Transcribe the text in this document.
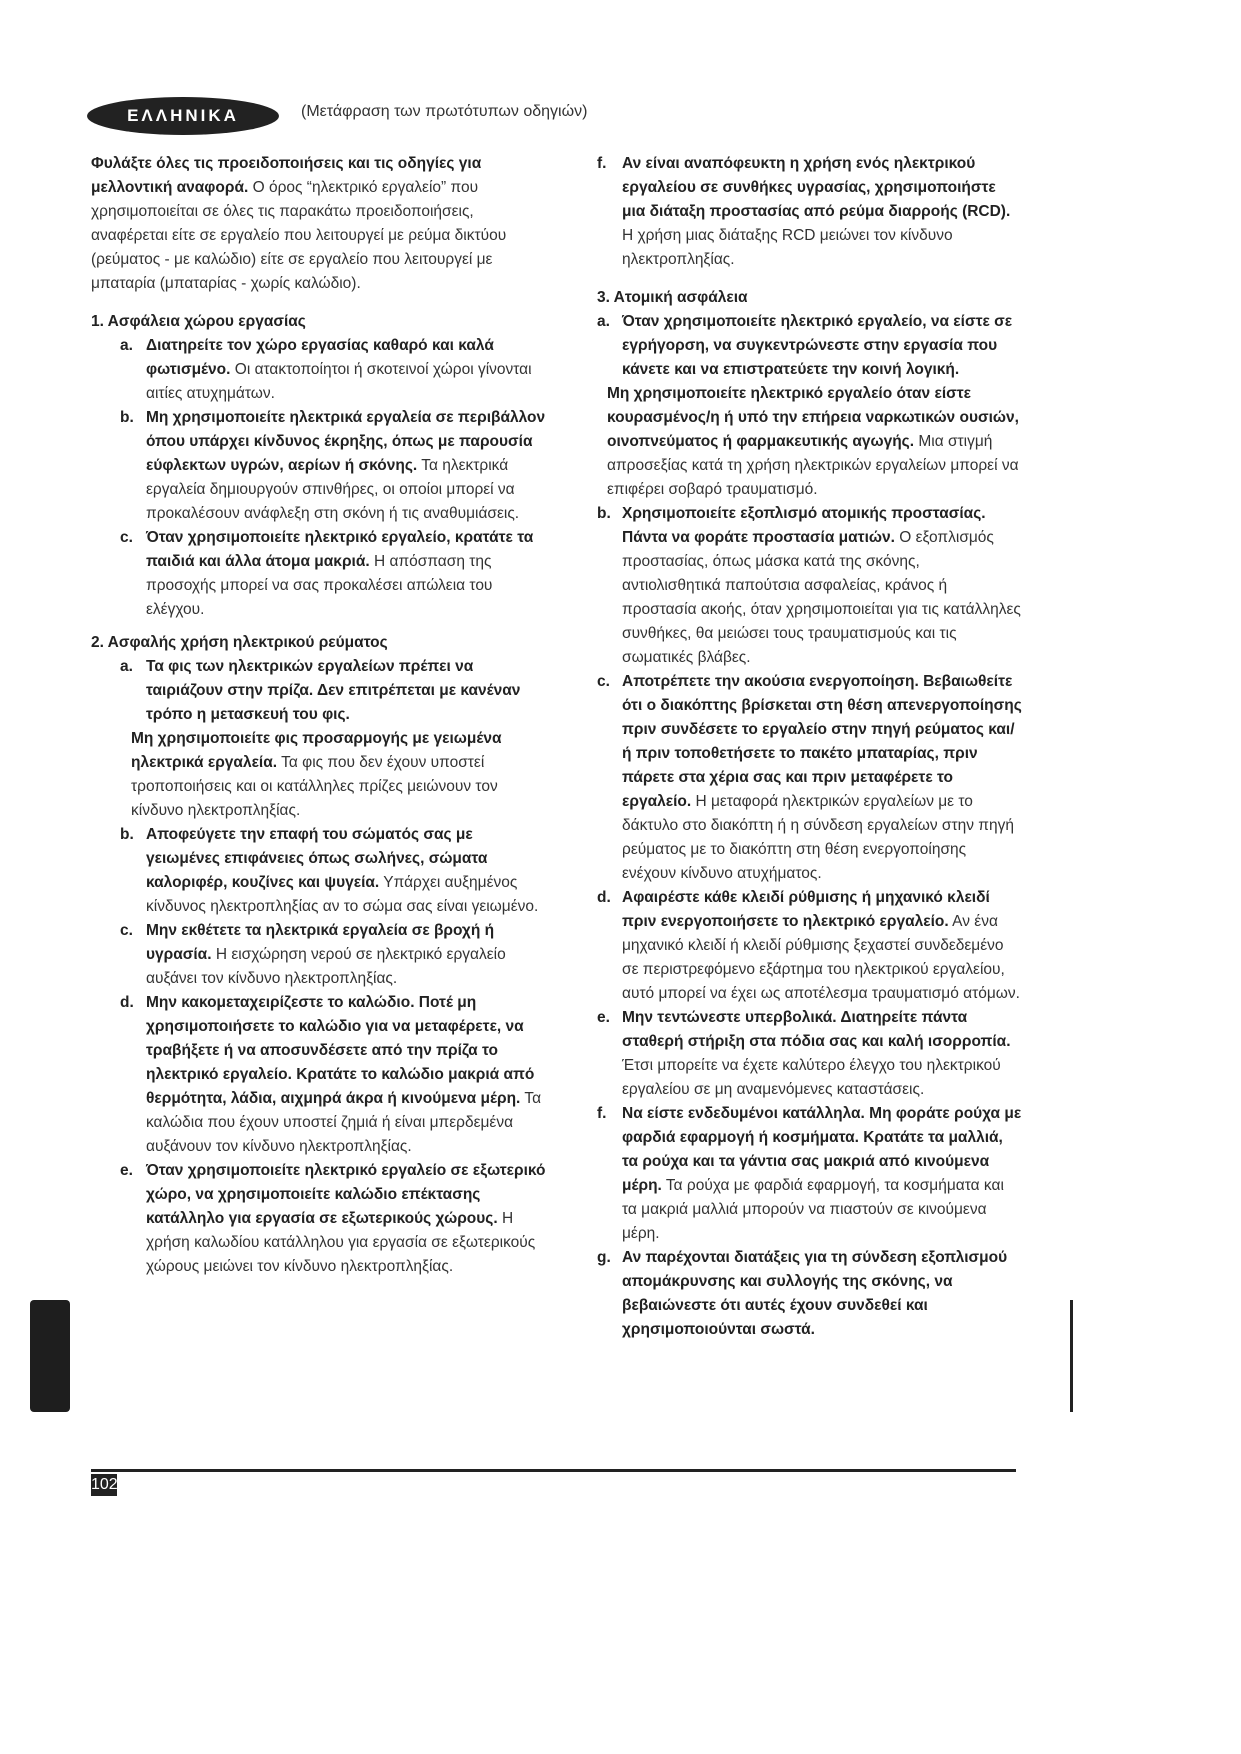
ΕΛΛΗΝΙΚΑ	(Μετάφραση των πρωτότυπων οδηγιών)

Φυλάξτε όλες τις προειδοποιήσεις και τις οδηγίες για μελλοντική αναφορά. Ο όρος “ηλεκτρικό εργαλείο” που χρησιμοποιείται σε όλες τις παρακάτω προειδοποιήσεις, αναφέρεται είτε σε εργαλείο που λειτουργεί με ρεύμα δικτύου (ρεύματος - με καλώδιο) είτε σε εργαλείο που λειτουργεί με μπαταρία (μπαταρίας - χωρίς καλώδιο).

1. Ασφάλεια χώρου εργασίας

a. Διατηρείτε τον χώρο εργασίας καθαρό και καλά φωτισμένο. Οι ατακτοποίητοι ή σκοτεινοί χώροι γίνονται αιτίες ατυχημάτων.
b. Μη χρησιμοποιείτε ηλεκτρικά εργαλεία σε περιβάλλον όπου υπάρχει κίνδυνος έκρηξης, όπως με παρουσία εύφλεκτων υγρών, αερίων ή σκόνης. Τα ηλεκτρικά εργαλεία δημιουργούν σπινθήρες, οι οποίοι μπορεί να προκαλέσουν ανάφλεξη στη σκόνη ή τις αναθυμιάσεις.
c. Όταν χρησιμοποιείτε ηλεκτρικό εργαλείο, κρατάτε τα παιδιά και άλλα άτομα μακριά. Η απόσπαση της προσοχής μπορεί να σας προκαλέσει απώλεια του ελέγχου.

2. Ασφαλής χρήση ηλεκτρικού ρεύματος

a. Τα φις των ηλεκτρικών εργαλείων πρέπει να ταιριάζουν στην πρίζα. Δεν επιτρέπεται με κανέναν τρόπο η μετασκευή του φις.
Μη χρησιμοποιείτε φις προσαρμογής με γειωμένα ηλεκτρικά εργαλεία. Τα φις που δεν έχουν υποστεί τροποποιήσεις και οι κατάλληλες πρίζες μειώνουν τον κίνδυνο ηλεκτροπληξίας.
b. Αποφεύγετε την επαφή του σώματός σας με γειωμένες επιφάνειες όπως σωλήνες, σώματα καλοριφέρ, κουζίνες και ψυγεία. Υπάρχει αυξημένος κίνδυνος ηλεκτροπληξίας αν το σώμα σας είναι γειωμένο.
c. Μην εκθέτετε τα ηλεκτρικά εργαλεία σε βροχή ή υγρασία. Η εισχώρηση νερού σε ηλεκτρικό εργαλείο αυξάνει τον κίνδυνο ηλεκτροπληξίας.
d. Μην κακομεταχειρίζεστε το καλώδιο. Ποτέ μη χρησιμοποιήσετε το καλώδιο για να μεταφέρετε, να τραβήξετε ή να αποσυνδέσετε από την πρίζα το ηλεκτρικό εργαλείο. Κρατάτε το καλώδιο μακριά από θερμότητα, λάδια, αιχμηρά άκρα ή κινούμενα μέρη. Τα καλώδια που έχουν υποστεί ζημιά ή είναι μπερδεμένα αυξάνουν τον κίνδυνο ηλεκτροπληξίας.
e. Όταν χρησιμοποιείτε ηλεκτρικό εργαλείο σε εξωτερικό χώρο, να χρησιμοποιείτε καλώδιο επέκτασης κατάλληλο για εργασία σε εξωτερικούς χώρους. Η χρήση καλωδίου κατάλληλου για εργασία σε εξωτερικούς χώρους μειώνει τον κίνδυνο ηλεκτροπληξίας.
f. Αν είναι αναπόφευκτη η χρήση ενός ηλεκτρικού εργαλείου σε συνθήκες υγρασίας, χρησιμοποιήστε μια διάταξη προστασίας από ρεύμα διαρροής (RCD). Η χρήση μιας διάταξης RCD μειώνει τον κίνδυνο ηλεκτροπληξίας.

3. Ατομική ασφάλεια

a. Όταν χρησιμοποιείτε ηλεκτρικό εργαλείο, να είστε σε εγρήγορση, να συγκεντρώνεστε στην εργασία που κάνετε και να επιστρατεύετε την κοινή λογική.
Μη χρησιμοποιείτε ηλεκτρικό εργαλείο όταν είστε κουρασμένος/η ή υπό την επήρεια ναρκωτικών ουσιών, οινοπνεύματος ή φαρμακευτικής αγωγής. Μια στιγμή απροσεξίας κατά τη χρήση ηλεκτρικών εργαλείων μπορεί να επιφέρει σοβαρό τραυματισμό.
b. Χρησιμοποιείτε εξοπλισμό ατομικής προστασίας. Πάντα να φοράτε προστασία ματιών. Ο εξοπλισμός προστασίας, όπως μάσκα κατά της σκόνης, αντιολισθητικά παπούτσια ασφαλείας, κράνος ή προστασία ακοής, όταν χρησιμοποιείται για τις κατάλληλες συνθήκες, θα μειώσει τους τραυματισμούς και τις σωματικές βλάβες.
c. Αποτρέπετε την ακούσια ενεργοποίηση. Βεβαιωθείτε ότι ο διακόπτης βρίσκεται στη θέση απενεργοποίησης πριν συνδέσετε το εργαλείο στην πηγή ρεύματος και/ή πριν τοποθετήσετε το πακέτο μπαταρίας, πριν πάρετε στα χέρια σας και πριν μεταφέρετε το εργαλείο. Η μεταφορά ηλεκτρικών εργαλείων με το δάκτυλο στο διακόπτη ή η σύνδεση εργαλείων στην πηγή ρεύματος με το διακόπτη στη θέση ενεργοποίησης ενέχουν κίνδυνο ατυχήματος.
d. Αφαιρέστε κάθε κλειδί ρύθμισης ή μηχανικό κλειδί πριν ενεργοποιήσετε το ηλεκτρικό εργαλείο. Αν ένα μηχανικό κλειδί ή κλειδί ρύθμισης ξεχαστεί συνδεδεμένο σε περιστρεφόμενο εξάρτημα του ηλεκτρικού εργαλείου, αυτό μπορεί να έχει ως αποτέλεσμα τραυματισμό ατόμων.
e. Μην τεντώνεστε υπερβολικά. Διατηρείτε πάντα σταθερή στήριξη στα πόδια σας και καλή ισορροπία. Έτσι μπορείτε να έχετε καλύτερο έλεγχο του ηλεκτρικού εργαλείου σε μη αναμενόμενες καταστάσεις.
f. Να είστε ενδεδυμένοι κατάλληλα. Μη φοράτε ρούχα με φαρδιά εφαρμογή ή κοσμήματα. Κρατάτε τα μαλλιά, τα ρούχα και τα γάντια σας μακριά από κινούμενα μέρη. Τα ρούχα με φαρδιά εφαρμογή, τα κοσμήματα και τα μακριά μαλλιά μπορούν να πιαστούν σε κινούμενα μέρη.
g. Αν παρέχονται διατάξεις για τη σύνδεση εξοπλισμού απομάκρυνσης και συλλογής της σκόνης, να βεβαιώνεστε ότι αυτές έχουν συνδεθεί και χρησιμοποιούνται σωστά.
102
